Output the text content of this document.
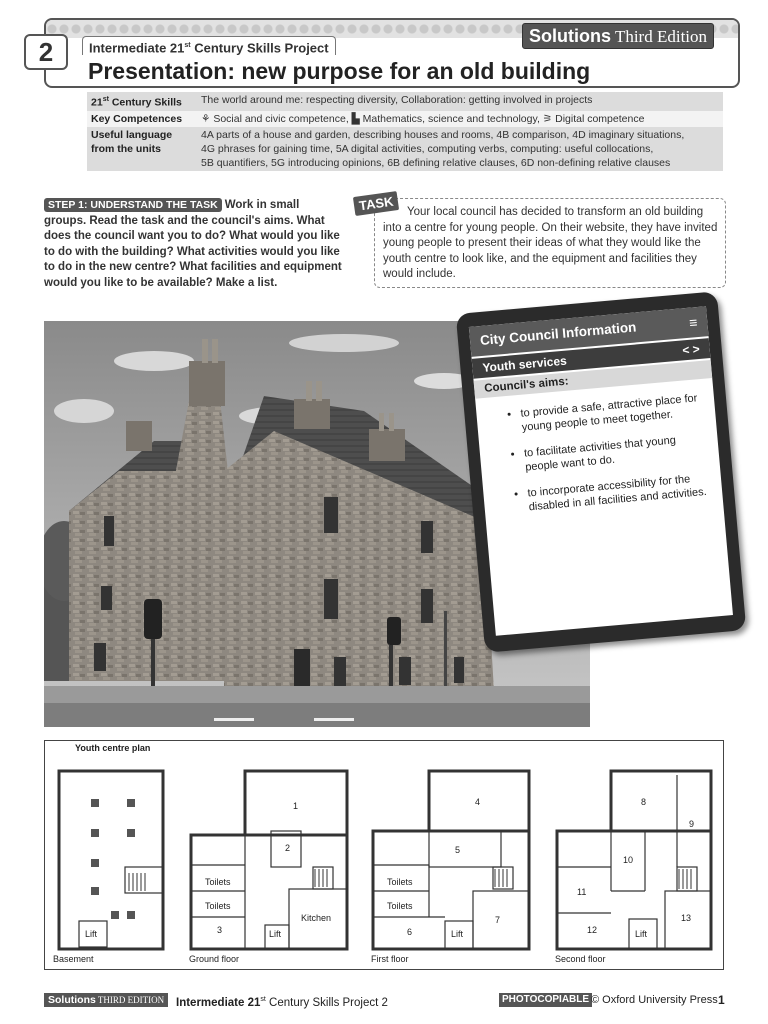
2	Intermediate 21st Century Skills Project
Solutions Third Edition
Presentation: new purpose for an old building
21st Century Skills	The world around me: respecting diversity, Collaboration: getting involved in projects
Key Competences	⚘ Social and civic competence, ▙ Mathematics, science and technology, ⚞ Digital competence
Useful language from the units	4A parts of a house and garden, describing houses and rooms, 4B comparison, 4D imaginary situations,
4G phrases for gaining time, 5A digital activities, computing verbs, computing: useful collocations,
5B quantifiers, 5G introducing opinions, 6B defining relative clauses, 6D non-defining relative clauses
STEP 1: UNDERSTAND THE TASK Work in small groups. Read the task and the council's aims. What does the council want you to do? What would you like to do with the building? What activities would you like to do in the new centre? What facilities and equipment would you like to be available? Make a list.
TASK	Your local council has decided to transform an old building into a centre for young people. On their website, they have invited young people to present their ideas of what they would like the youth centre to look like, and the equipment and facilities they would include.
City Council Information	≡
Youth services
< >
Council's aims:
• to provide a safe, attractive place for young people to meet together.
• to facilitate activities that young people want to do.
• to incorporate accessibility for the disabled in all facilities and activities.
Youth centre plan
1
2
3
4
5
6
7
8
9
10
11
12
13
Lift	Lift	Lift	Lift
Toilets
Toilets
Toilets
Toilets
Kitchen
Basement	Ground floor	First floor	Second floor
Solutions THIRD EDITION	Intermediate 21st Century Skills Project 2	PHOTOCOPIABLE © Oxford University Press 1
